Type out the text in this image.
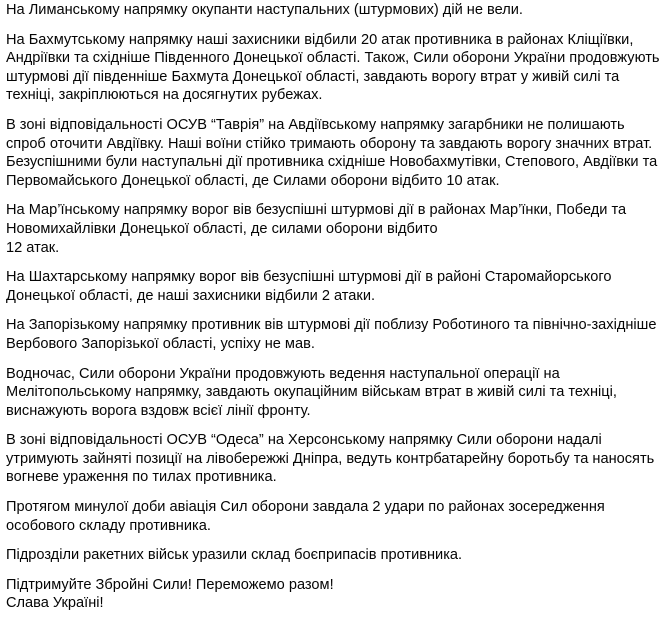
На Лиманському напрямку окупанти наступальних (штурмових) дій не вели.

На Бахмутському напрямку наші захисники відбили 20 атак противника в районах Кліщіївки, Андріївки та східніше Південного Донецької області. Також, Сили оборони України продовжують штурмові дії південніше Бахмута Донецької області, завдають ворогу втрат у живій силі та техніці, закріплюються на досягнутих рубежах.

В зоні відповідальності ОСУВ “Таврія” на Авдіївському напрямку загарбники не полишають спроб оточити Авдіївку. Наші воїни стійко тримають оборону та завдають ворогу значних втрат. Безуспішними були наступальні дії противника східніше Новобахмутівки, Степового, Авдіївки та Первомайського Донецької області, де Силами оборони відбито 10 атак.

На Мар’їнському напрямку ворог вів безуспішні штурмові дії в районах Мар’їнки, Победи та Новомихайлівки Донецької області, де силами оборони відбито
12 атак.

На Шахтарському напрямку ворог вів безуспішні штурмові дії в районі Старомайорського Донецької області, де наші захисники відбили 2 атаки.

На Запорізькому напрямку противник вів штурмові дії поблизу Роботиного та північно-західніше Вербового Запорізької області, успіху не мав.

Водночас, Сили оборони України продовжують ведення наступальної операції на Мелітопольському напрямку, завдають окупаційним військам втрат в живій силі та техніці, виснажують ворога вздовж всієї лінії фронту.

В зоні відповідальності ОСУВ “Одеса” на Херсонському напрямку Сили оборони надалі утримують зайняті позиції на лівобережжі Дніпра, ведуть контрбатарейну боротьбу та наносять вогневе ураження по тилах противника.

Протягом минулої доби авіація Сил оборони завдала 2 удари по районах зосередження особового складу противника.

Підрозділи ракетних військ уразили склад боєприпасів противника.

Підтримуйте Збройні Сили! Переможемо разом!

Слава Україні!
